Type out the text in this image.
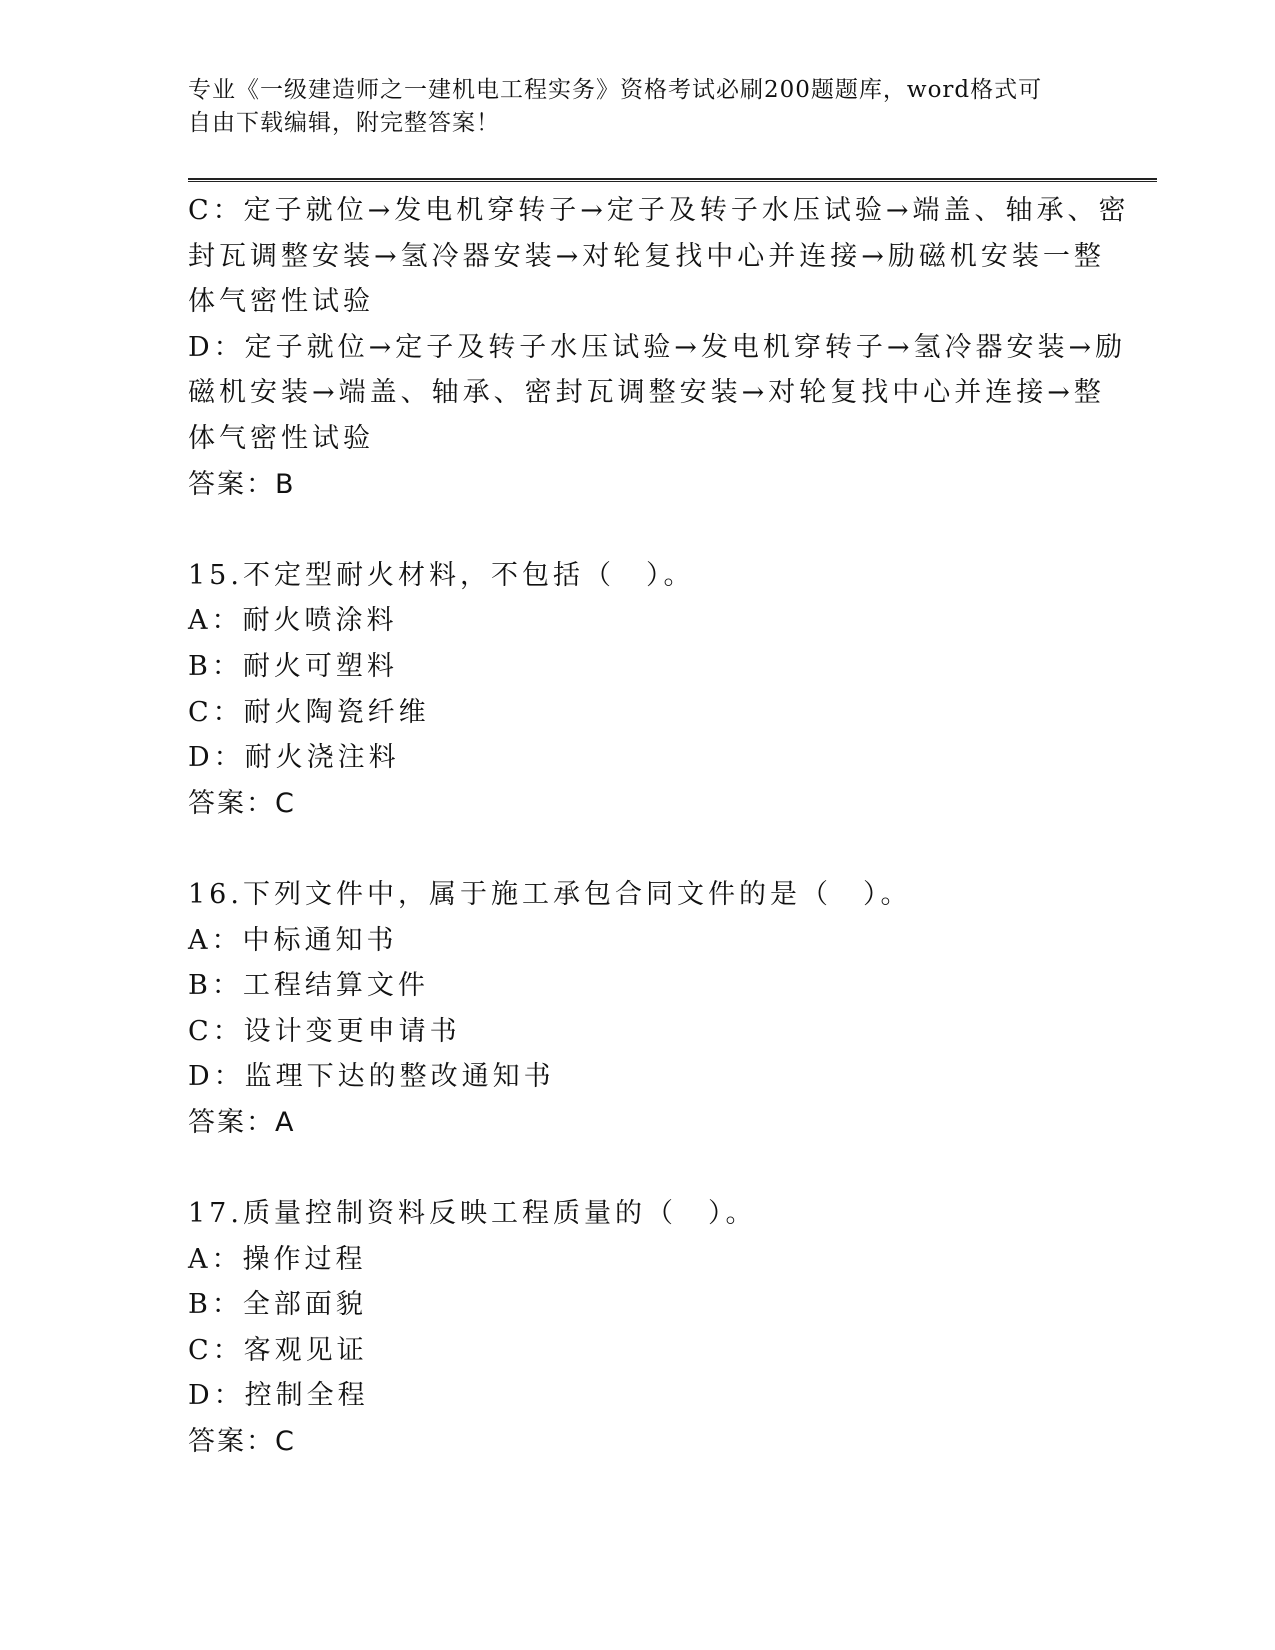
专业《一级建造师之一建机电工程实务》资格考试必刷200题题库，word格式可
自由下载编辑，附完整答案！
C：定子就位→发电机穿转子→定子及转子水压试验→端盖、轴承、密
封瓦调整安装→氢冷器安装→对轮复找中心并连接→励磁机安装一整
体气密性试验
D：定子就位→定子及转子水压试验→发电机穿转子→氢冷器安装→励
磁机安装→端盖、轴承、密封瓦调整安装→对轮复找中心并连接→整
体气密性试验
答案：B
15.不定型耐火材料，不包括（　）。
A：耐火喷涂料
B：耐火可塑料
C：耐火陶瓷纤维
D：耐火浇注料
答案：C
16.下列文件中，属于施工承包合同文件的是（　）。
A：中标通知书
B：工程结算文件
C：设计变更申请书
D：监理下达的整改通知书
答案：A
17.质量控制资料反映工程质量的（　）。
A：操作过程
B：全部面貌
C：客观见证
D：控制全程
答案：C
